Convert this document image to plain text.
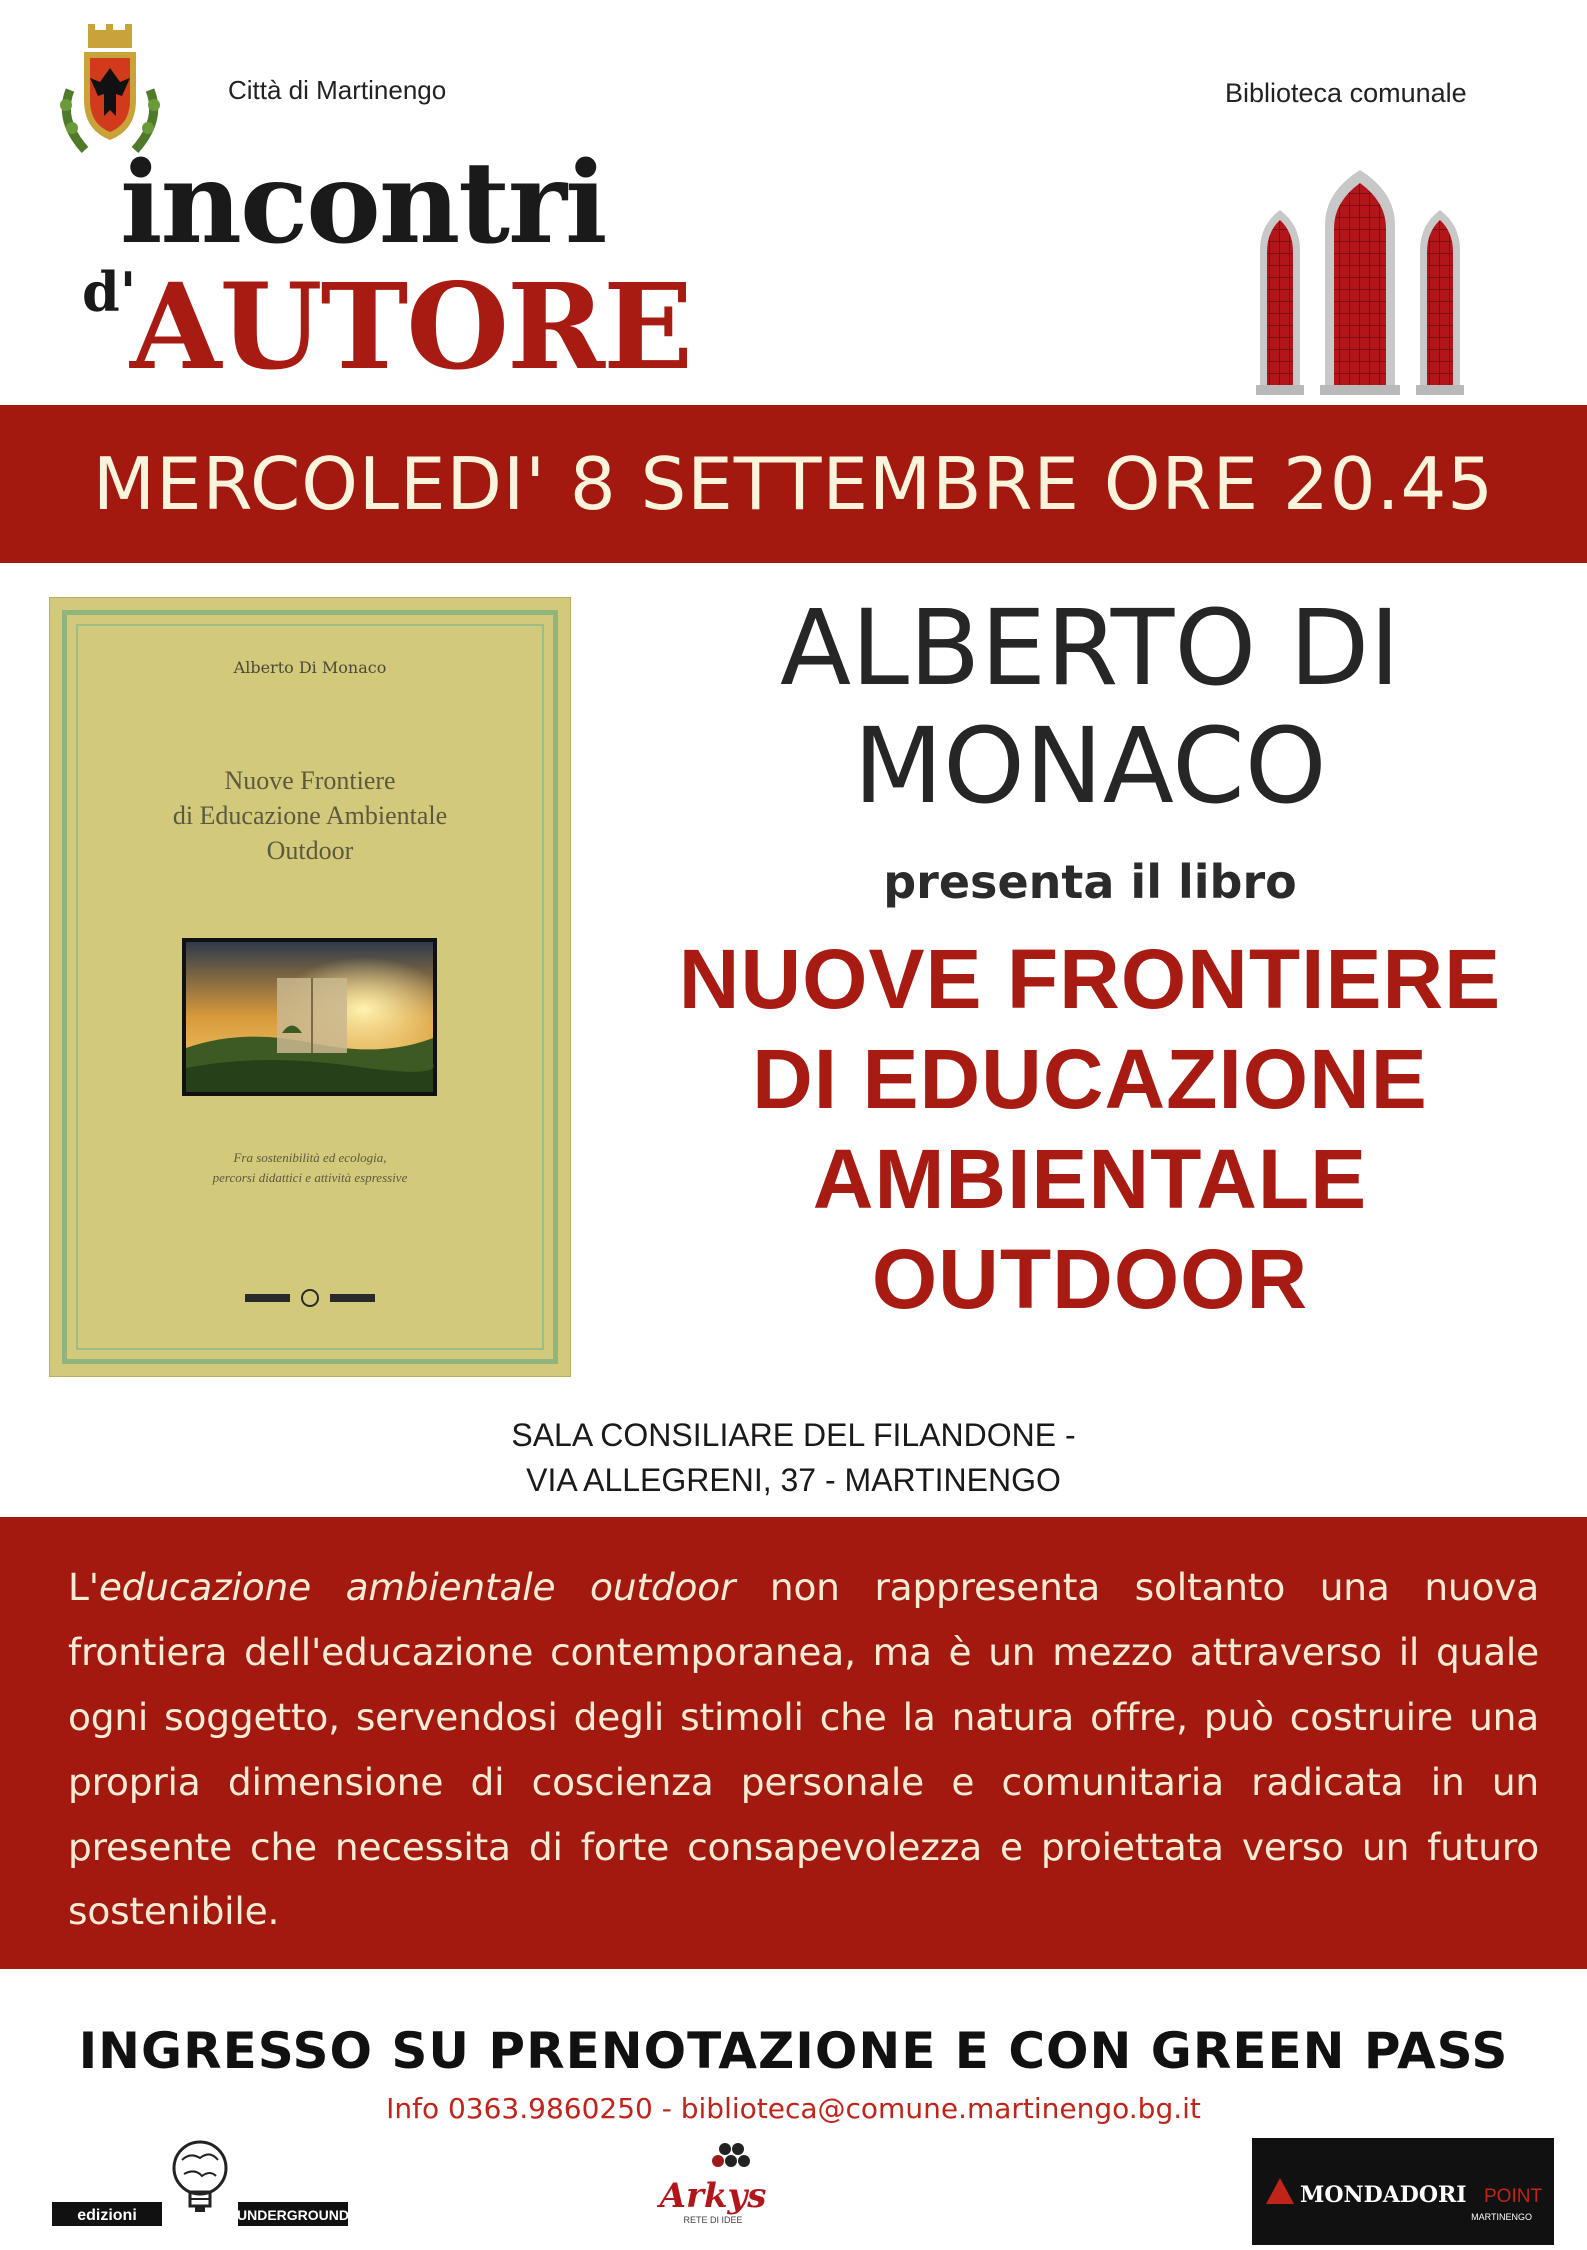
Città di Martinengo	Biblioteca comunale
incontri
d'
AUTORE
MERCOLEDI' 8 SETTEMBRE ORE 20.45
Alberto Di Monaco
Nuove Frontiere
di Educazione Ambientale
Outdoor
Fra sostenibilità ed ecologia,
percorsi didattici e attività espressive
ALBERTO DI
MONACO
presenta il libro
NUOVE FRONTIERE
DI EDUCAZIONE
AMBIENTALE
OUTDOOR
SALA CONSILIARE DEL FILANDONE -
VIA ALLEGRENI, 37 - MARTINENGO
L'educazione ambientale outdoor non rappresenta soltanto una nuova frontiera dell'educazione contemporanea, ma è un mezzo attraverso il quale ogni soggetto, servendosi degli stimoli che la natura offre, può costruire una propria dimensione di coscienza personale e comunitaria radicata in un presente che necessita di forte consapevolezza e proiettata verso un futuro sostenibile.
INGRESSO SU PRENOTAZIONE E CON GREEN PASS
Info 0363.9860250 - biblioteca@comune.martinengo.bg.it
edizioni	UNDERGROUND	Arkys
RETE DI IDEE
MONDADORI POINT
MARTINENGO
